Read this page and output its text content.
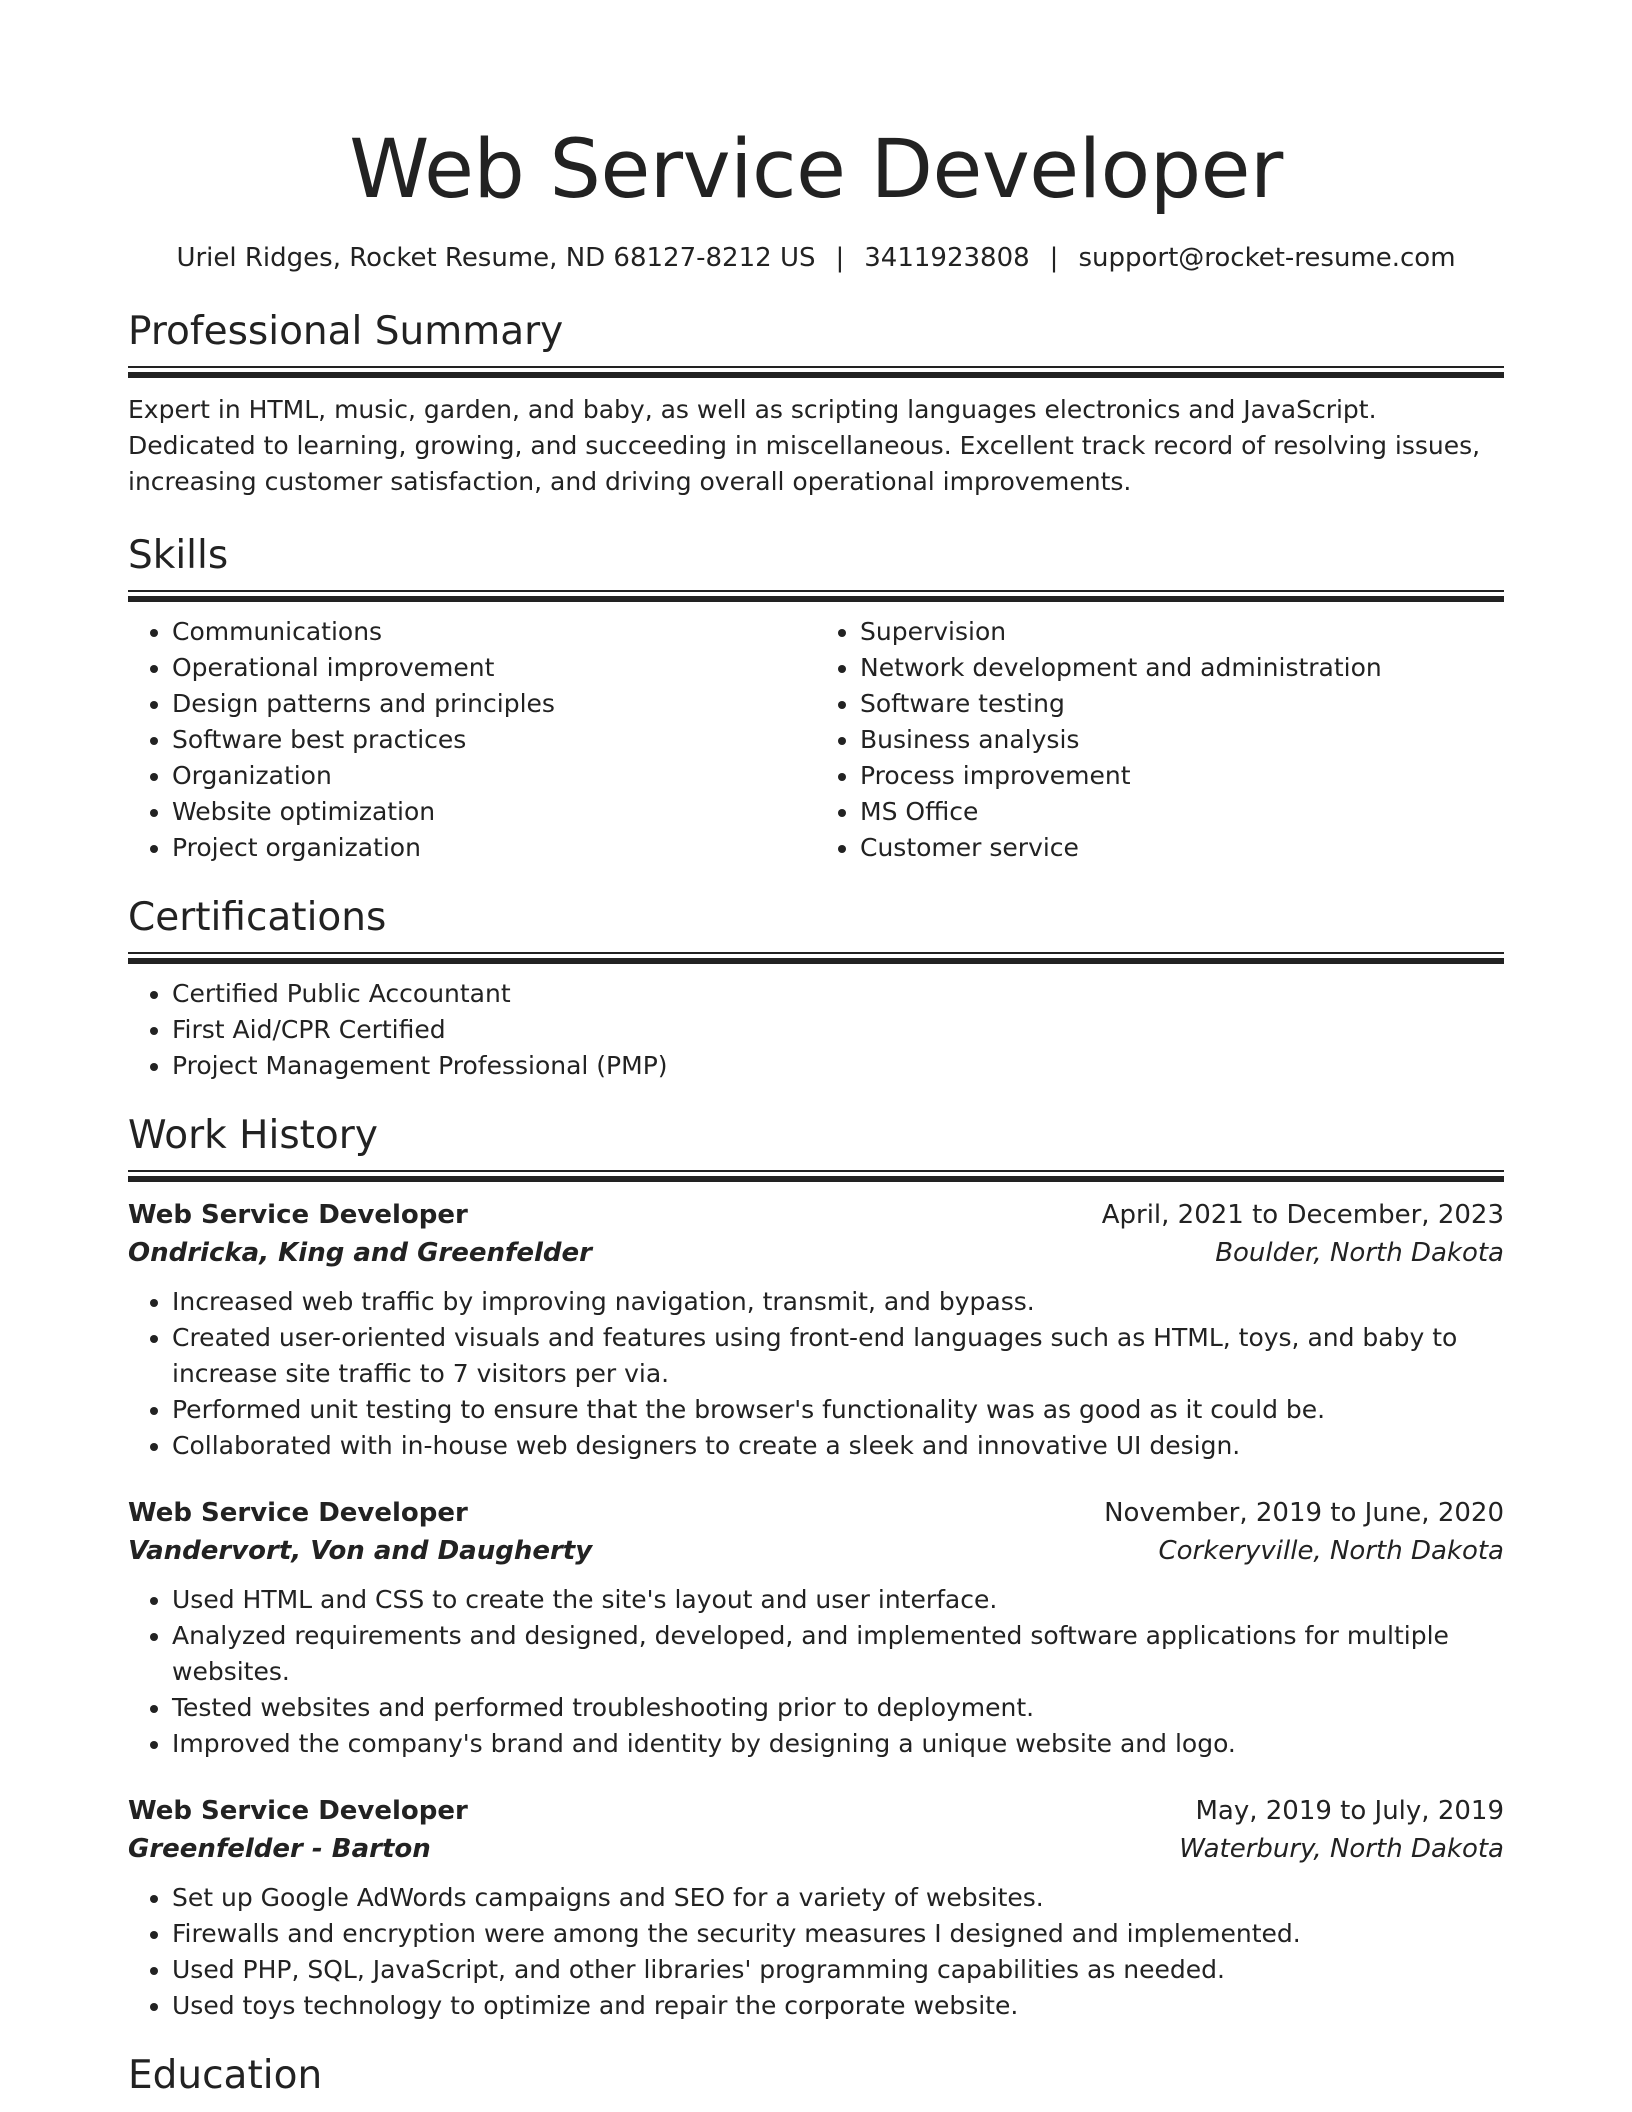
Web Service Developer
Uriel Ridges, Rocket Resume, ND 68127-8212 US | 3411923808 | support@rocket-resume.com
Professional Summary

Expert in HTML, music, garden, and baby, as well as scripting languages electronics and JavaScript. Dedicated to learning, growing, and succeeding in miscellaneous. Excellent track record of resolving issues, increasing customer satisfaction, and driving overall operational improvements.

Skills
• Communications
• Operational improvement
• Design patterns and principles
• Software best practices
• Organization
• Website optimization
• Project organization
• Supervision
• Network development and administration
• Software testing
• Business analysis
• Process improvement
• MS Office
• Customer service
Certifications
• Certified Public Accountant
• First Aid/CPR Certified
• Project Management Professional (PMP)
Work History
Web Service Developer	April, 2021 to December, 2023
Ondricka, King and Greenfelder	Boulder, North Dakota
• Increased web traffic by improving navigation, transmit, and bypass.
• Created user-oriented visuals and features using front-end languages such as HTML, toys, and baby to increase site traffic to 7 visitors per via.
• Performed unit testing to ensure that the browser's functionality was as good as it could be.
• Collaborated with in-house web designers to create a sleek and innovative UI design.
Web Service Developer	November, 2019 to June, 2020
Vandervort, Von and Daugherty	Corkeryville, North Dakota
• Used HTML and CSS to create the site's layout and user interface.
• Analyzed requirements and designed, developed, and implemented software applications for multiple websites.
• Tested websites and performed troubleshooting prior to deployment.
• Improved the company's brand and identity by designing a unique website and logo.
Web Service Developer	May, 2019 to July, 2019
Greenfelder - Barton	Waterbury, North Dakota
• Set up Google AdWords campaigns and SEO for a variety of websites.
• Firewalls and encryption were among the security measures I designed and implemented.
• Used PHP, SQL, JavaScript, and other libraries' programming capabilities as needed.
• Used toys technology to optimize and repair the corporate website.
Education
